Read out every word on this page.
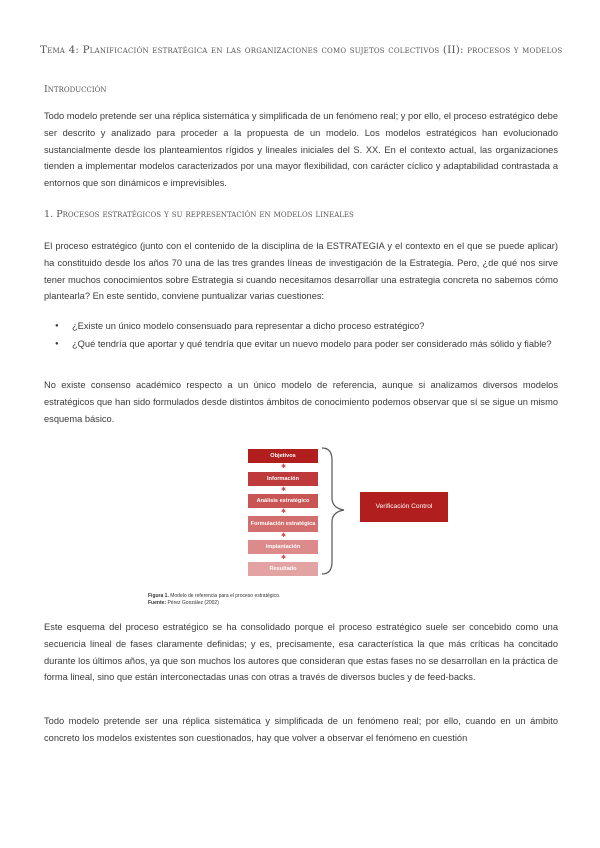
Tema 4: Planificación estratégica en las organizaciones como sujetos colectivos (II): procesos y modelos
Introducción

Todo modelo pretende ser una réplica sistemática y simplificada de un fenómeno real; y por ello, el proceso estratégico debe ser descrito y analizado para proceder a la propuesta de un modelo. Los modelos estratégicos han evolucionado sustancialmente desde los planteamientos rígidos y lineales iniciales del S. XX. En el contexto actual, las organizaciones tienden a implementar modelos caracterizados por una mayor flexibilidad, con carácter cíclico y adaptabilidad contrastada a entornos que son dinámicos e imprevisibles.

1. Procesos estratégicos y su representación en modelos lineales

El proceso estratégico (junto con el contenido de la disciplina de la ESTRATEGIA y el contexto en el que se puede aplicar) ha constituido desde los años 70 una de las tres grandes líneas de investigación de la Estrategia. Pero, ¿de qué nos sirve tener muchos conocimientos sobre Estrategia si cuando necesitamos desarrollar una estrategia concreta no sabemos cómo plantearla? En este sentido, conviene puntualizar varias cuestiones:

● ¿Existe un único modelo consensuado para representar a dicho proceso estratégico?
● ¿Qué tendría que aportar y qué tendría que evitar un nuevo modelo para poder ser considerado más sólido y fiable?

No existe consenso académico respecto a un único modelo de referencia, aunque si analizamos diversos modelos estratégicos que han sido formulados desde distintos ámbitos de conocimiento podemos observar que sí se sigue un mismo esquema básico.

Objetivos
✱
Información
✱
Análisis estratégico
✱
Formulación estratégica
✱
Implantación
✱
Resultado
Verificación Control
Figura 1. Modelo de referencia para el proceso estratégico.
Fuente: Pérez González (2002)

Este esquema del proceso estratégico se ha consolidado porque el proceso estratégico suele ser concebido como una secuencia lineal de fases claramente definidas; y es, precisamente, esa característica la que más críticas ha concitado durante los últimos años, ya que son muchos los autores que consideran que estas fases no se desarrollan en la práctica de forma lineal, sino que están interconectadas unas con otras a través de diversos bucles y de feed-backs.

Todo modelo pretende ser una réplica sistemática y simplificada de un fenómeno real; por ello, cuando en un ámbito concreto los modelos existentes son cuestionados, hay que volver a observar el fenómeno en cuestión
